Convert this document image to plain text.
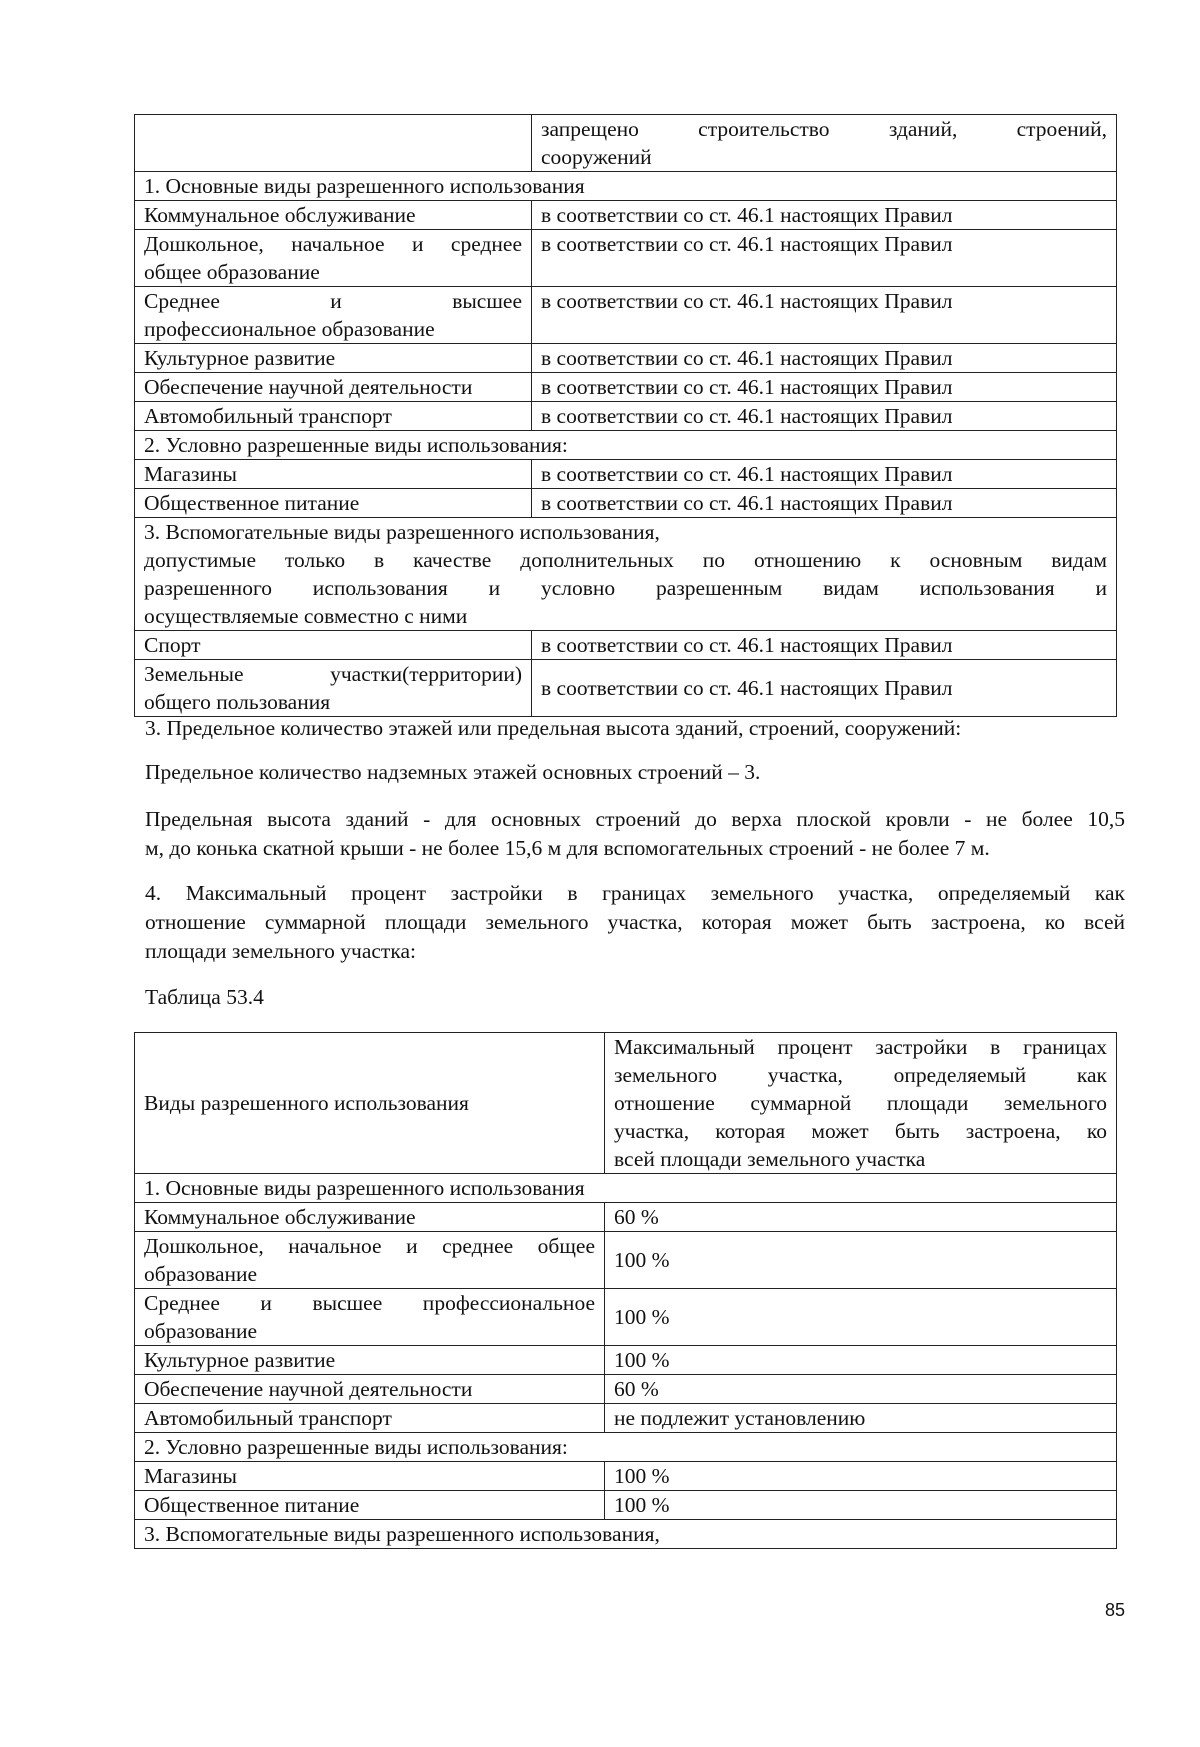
	запрещено строительство зданий, строений,
сооружений
1. Основные виды разрешенного использования	
Коммунальное обслуживание	в соответствии со ст. 46.1 настоящих Правил

Дошкольное, начальное и среднее
общее образование	в соответствии со ст. 46.1 настоящих Правил

Среднее и высшее
профессиональное образование	в соответствии со ст. 46.1 настоящих Правил
Культурное развитие	в соответствии со ст. 46.1 настоящих Правил
Обеспечение научной деятельности	в соответствии со ст. 46.1 настоящих Правил
Автомобильный транспорт	в соответствии со ст. 46.1 настоящих Правил
2. Условно разрешенные виды использования:	
Магазины	в соответствии со ст. 46.1 настоящих Правил
Общественное питание	в соответствии со ст. 46.1 настоящих Правил

3. Вспомогательные виды разрешенного использования,
допустимые только в качестве дополнительных по отношению к основным видам
разрешенного использования и условно разрешенным видам использования и
осуществляемые совместно с ними	
Спорт	в соответствии со ст. 46.1 настоящих Правил

Земельные участки(территории)
общего пользования	в соответствии со ст. 46.1 настоящих Правил
3. Предельное количество этажей или предельная высота зданий, строений, сооружений:
Предельное количество надземных этажей основных строений – 3.
Предельная высота зданий - для основных строений до верха плоской кровли - не более 10,5
м, до конька скатной крыши - не более 15,6 м для вспомогательных строений - не более 7 м.
4. Максимальный процент застройки в границах земельного участка, определяемый как
отношение суммарной площади земельного участка, которая может быть застроена, ко всей
площади земельного участка:
Таблица 53.4
Виды разрешенного использования	Максимальный процент застройки в границах
земельного участка, определяемый как
отношение суммарной площади земельного
участка, которая может быть застроена, ко
всей площади земельного участка
1. Основные виды разрешенного использования	
Коммунальное обслуживание	60 %

Дошкольное, начальное и среднее общее
образование	100 %

Среднее и высшее профессиональное
образование	100 %
Культурное развитие	100 %
Обеспечение научной деятельности	60 %
Автомобильный транспорт	не подлежит установлению
2. Условно разрешенные виды использования:	
Магазины	100 %
Общественное питание	100 %
3. Вспомогательные виды разрешенного использования,	
85
